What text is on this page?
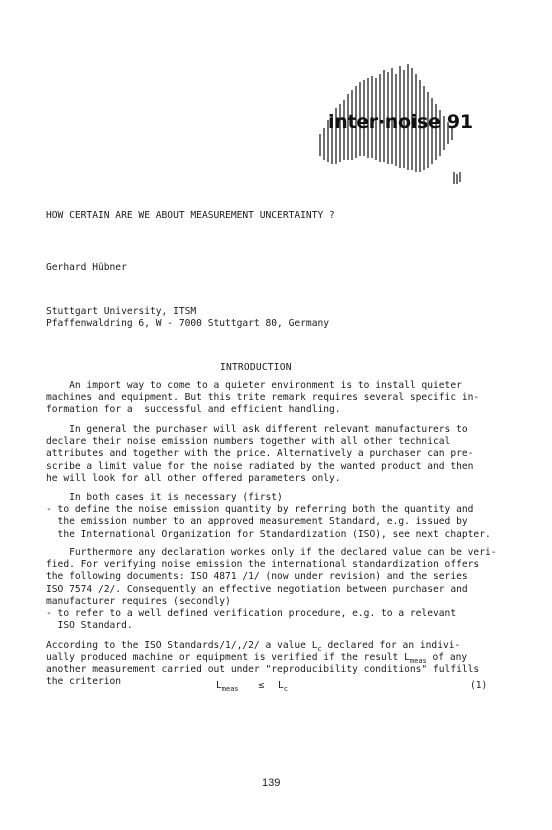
inter·noise 91
HOW CERTAIN ARE WE ABOUT MEASUREMENT UNCERTAINTY ?
Gerhard Hübner
Stuttgart University, ITSM
Pfaffenwaldring 6, W - 7000 Stuttgart 80, Germany
INTRODUCTION
An import way to come to a quieter environment is to install quieter
machines and equipment. But this trite remark requires several specific in-
formation for a  successful and efficient handling.
In general the purchaser will ask different relevant manufacturers to
declare their noise emission numbers together with all other technical
attributes and together with the price. Alternatively a purchaser can pre-
scribe a limit value for the noise radiated by the wanted product and then
he will look for all other offered parameters only.
In both cases it is necessary (first)
- to define the noise emission quantity by referring both the quantity and
the emission number to an approved measurement Standard, e.g. issued by
the International Organization for Standardization (ISO), see next chapter.
Furthermore any declaration workes only if the declared value can be veri-
fied. For verifying noise emission the international standardization offers
the following documents: ISO 4871 /1/ (now under revision) and the series
ISO 7574 /2/. Consequently an effective negotiation between purchaser and
manufacturer requires (secondly)
- to refer to a well defined verification procedure, e.g. to a relevant
ISO Standard.
According to the ISO Standards/1/,/2/ a value $L_c$ declared for an indivi-
ually produced machine or equipment is verified if the result $L_{meas}$ of any
another measurement carried out under "reproducibility conditions" fulfills
the criterion	$L_{meas} \le L_c$	(1)
139
